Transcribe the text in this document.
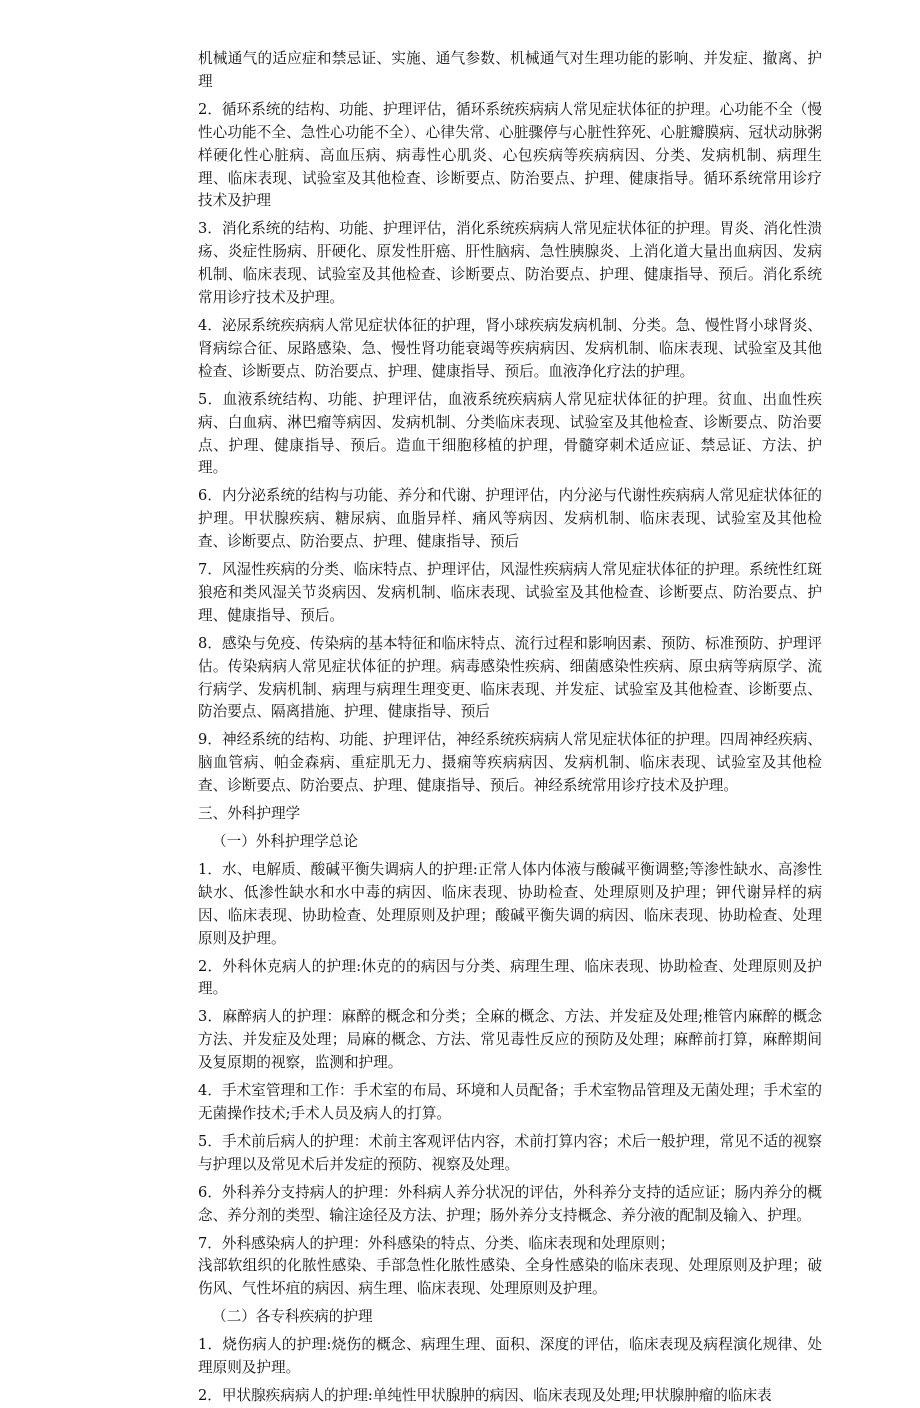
机械通气的适应症和禁忌证、实施、通气参数、机械通气对生理功能的影响、并发症、撤离、护理

2．循环系统的结构、功能、护理评估，循环系统疾病病人常见症状体征的护理。心功能不全（慢性心功能不全、急性心功能不全）、心律失常、心脏骤停与心脏性猝死、心脏瓣膜病、冠状动脉粥样硬化性心脏病、高血压病、病毒性心肌炎、心包疾病等疾病病因、分类、发病机制、病理生理、临床表现、试验室及其他检查、诊断要点、防治要点、护理、健康指导。循环系统常用诊疗技术及护理

3．消化系统的结构、功能、护理评估，消化系统疾病病人常见症状体征的护理。胃炎、消化性溃疡、炎症性肠病、肝硬化、原发性肝癌、肝性脑病、急性胰腺炎、上消化道大量出血病因、发病机制、临床表现、试验室及其他检查、诊断要点、防治要点、护理、健康指导、预后。消化系统常用诊疗技术及护理。

4．泌尿系统疾病病人常见症状体征的护理，肾小球疾病发病机制、分类。急、慢性肾小球肾炎、肾病综合征、尿路感染、急、慢性肾功能衰竭等疾病病因、发病机制、临床表现、试验室及其他检查、诊断要点、防治要点、护理、健康指导、预后。血液净化疗法的护理。

5．血液系统结构、功能、护理评估，血液系统疾病病人常见症状体征的护理。贫血、出血性疾病、白血病、淋巴瘤等病因、发病机制、分类临床表现、试验室及其他检查、诊断要点、防治要点、护理、健康指导、预后。造血干细胞移植的护理，骨髓穿刺术适应证、禁忌证、方法、护理。

6．内分泌系统的结构与功能、养分和代谢、护理评估，内分泌与代谢性疾病病人常见症状体征的护理。甲状腺疾病、糖尿病、血脂异样、痛风等病因、发病机制、临床表现、试验室及其他检查、诊断要点、防治要点、护理、健康指导、预后

7．风湿性疾病的分类、临床特点、护理评估，风湿性疾病病人常见症状体征的护理。系统性红斑狼疮和类风湿关节炎病因、发病机制、临床表现、试验室及其他检查、诊断要点、防治要点、护理、健康指导、预后。

8．感染与免疫、传染病的基本特征和临床特点、流行过程和影响因素、预防、标准预防、护理评估。传染病病人常见症状体征的护理。病毒感染性疾病、细菌感染性疾病、原虫病等病原学、流行病学、发病机制、病理与病理生理变更、临床表现、并发症、试验室及其他检查、诊断要点、防治要点、隔离措施、护理、健康指导、预后

9．神经系统的结构、功能、护理评估，神经系统疾病病人常见症状体征的护理。四周神经疾病、脑血管病、帕金森病、重症肌无力、摄痫等疾病病因、发病机制、临床表现、试验室及其他检查、诊断要点、防治要点、护理、健康指导、预后。神经系统常用诊疗技术及护理。

三、外科护理学

（一）外科护理学总论

1．水、电解质、酸碱平衡失调病人的护理:正常人体内体液与酸碱平衡调整;等渗性缺水、高渗性缺水、低渗性缺水和水中毒的病因、临床表现、协助检查、处理原则及护理；钾代谢异样的病因、临床表现、协助检查、处理原则及护理；酸碱平衡失调的病因、临床表现、协助检查、处理原则及护理。

2．外科休克病人的护理:休克的的病因与分类、病理生理、临床表现、协助检查、处理原则及护理。

3．麻醉病人的护理：麻醉的概念和分类；全麻的概念、方法、并发症及处理;椎管内麻醉的概念方法、并发症及处理；局麻的概念、方法、常见毒性反应的预防及处理；麻醉前打算，麻醉期间及复原期的视察，监测和护理。

4．手术室管理和工作：手术室的布局、环境和人员配备；手术室物品管理及无菌处理；手术室的无菌操作技术;手术人员及病人的打算。

5．手术前后病人的护理：术前主客观评估内容，术前打算内容；术后一般护理，常见不适的视察与护理以及常见术后并发症的预防、视察及处理。

6．外科养分支持病人的护理：外科病人养分状况的评估，外科养分支持的适应证；肠内养分的概念、养分剂的类型、输注途径及方法、护理；肠外养分支持概念、养分液的配制及输入、护理。

7．外科感染病人的护理：外科感染的特点、分类、临床表现和处理原则；

浅部软组织的化脓性感染、手部急性化脓性感染、全身性感染的临床表现、处理原则及护理；破伤风、气性坏疽的病因、病生理、临床表现、处理原则及护理。

（二）各专科疾病的护理

1．烧伤病人的护理:烧伤的概念、病理生理、面积、深度的评估，临床表现及病程演化规律、处理原则及护理。

2．甲状腺疾病病人的护理:单纯性甲状腺肿的病因、临床表现及处理;甲状腺肿瘤的临床表
